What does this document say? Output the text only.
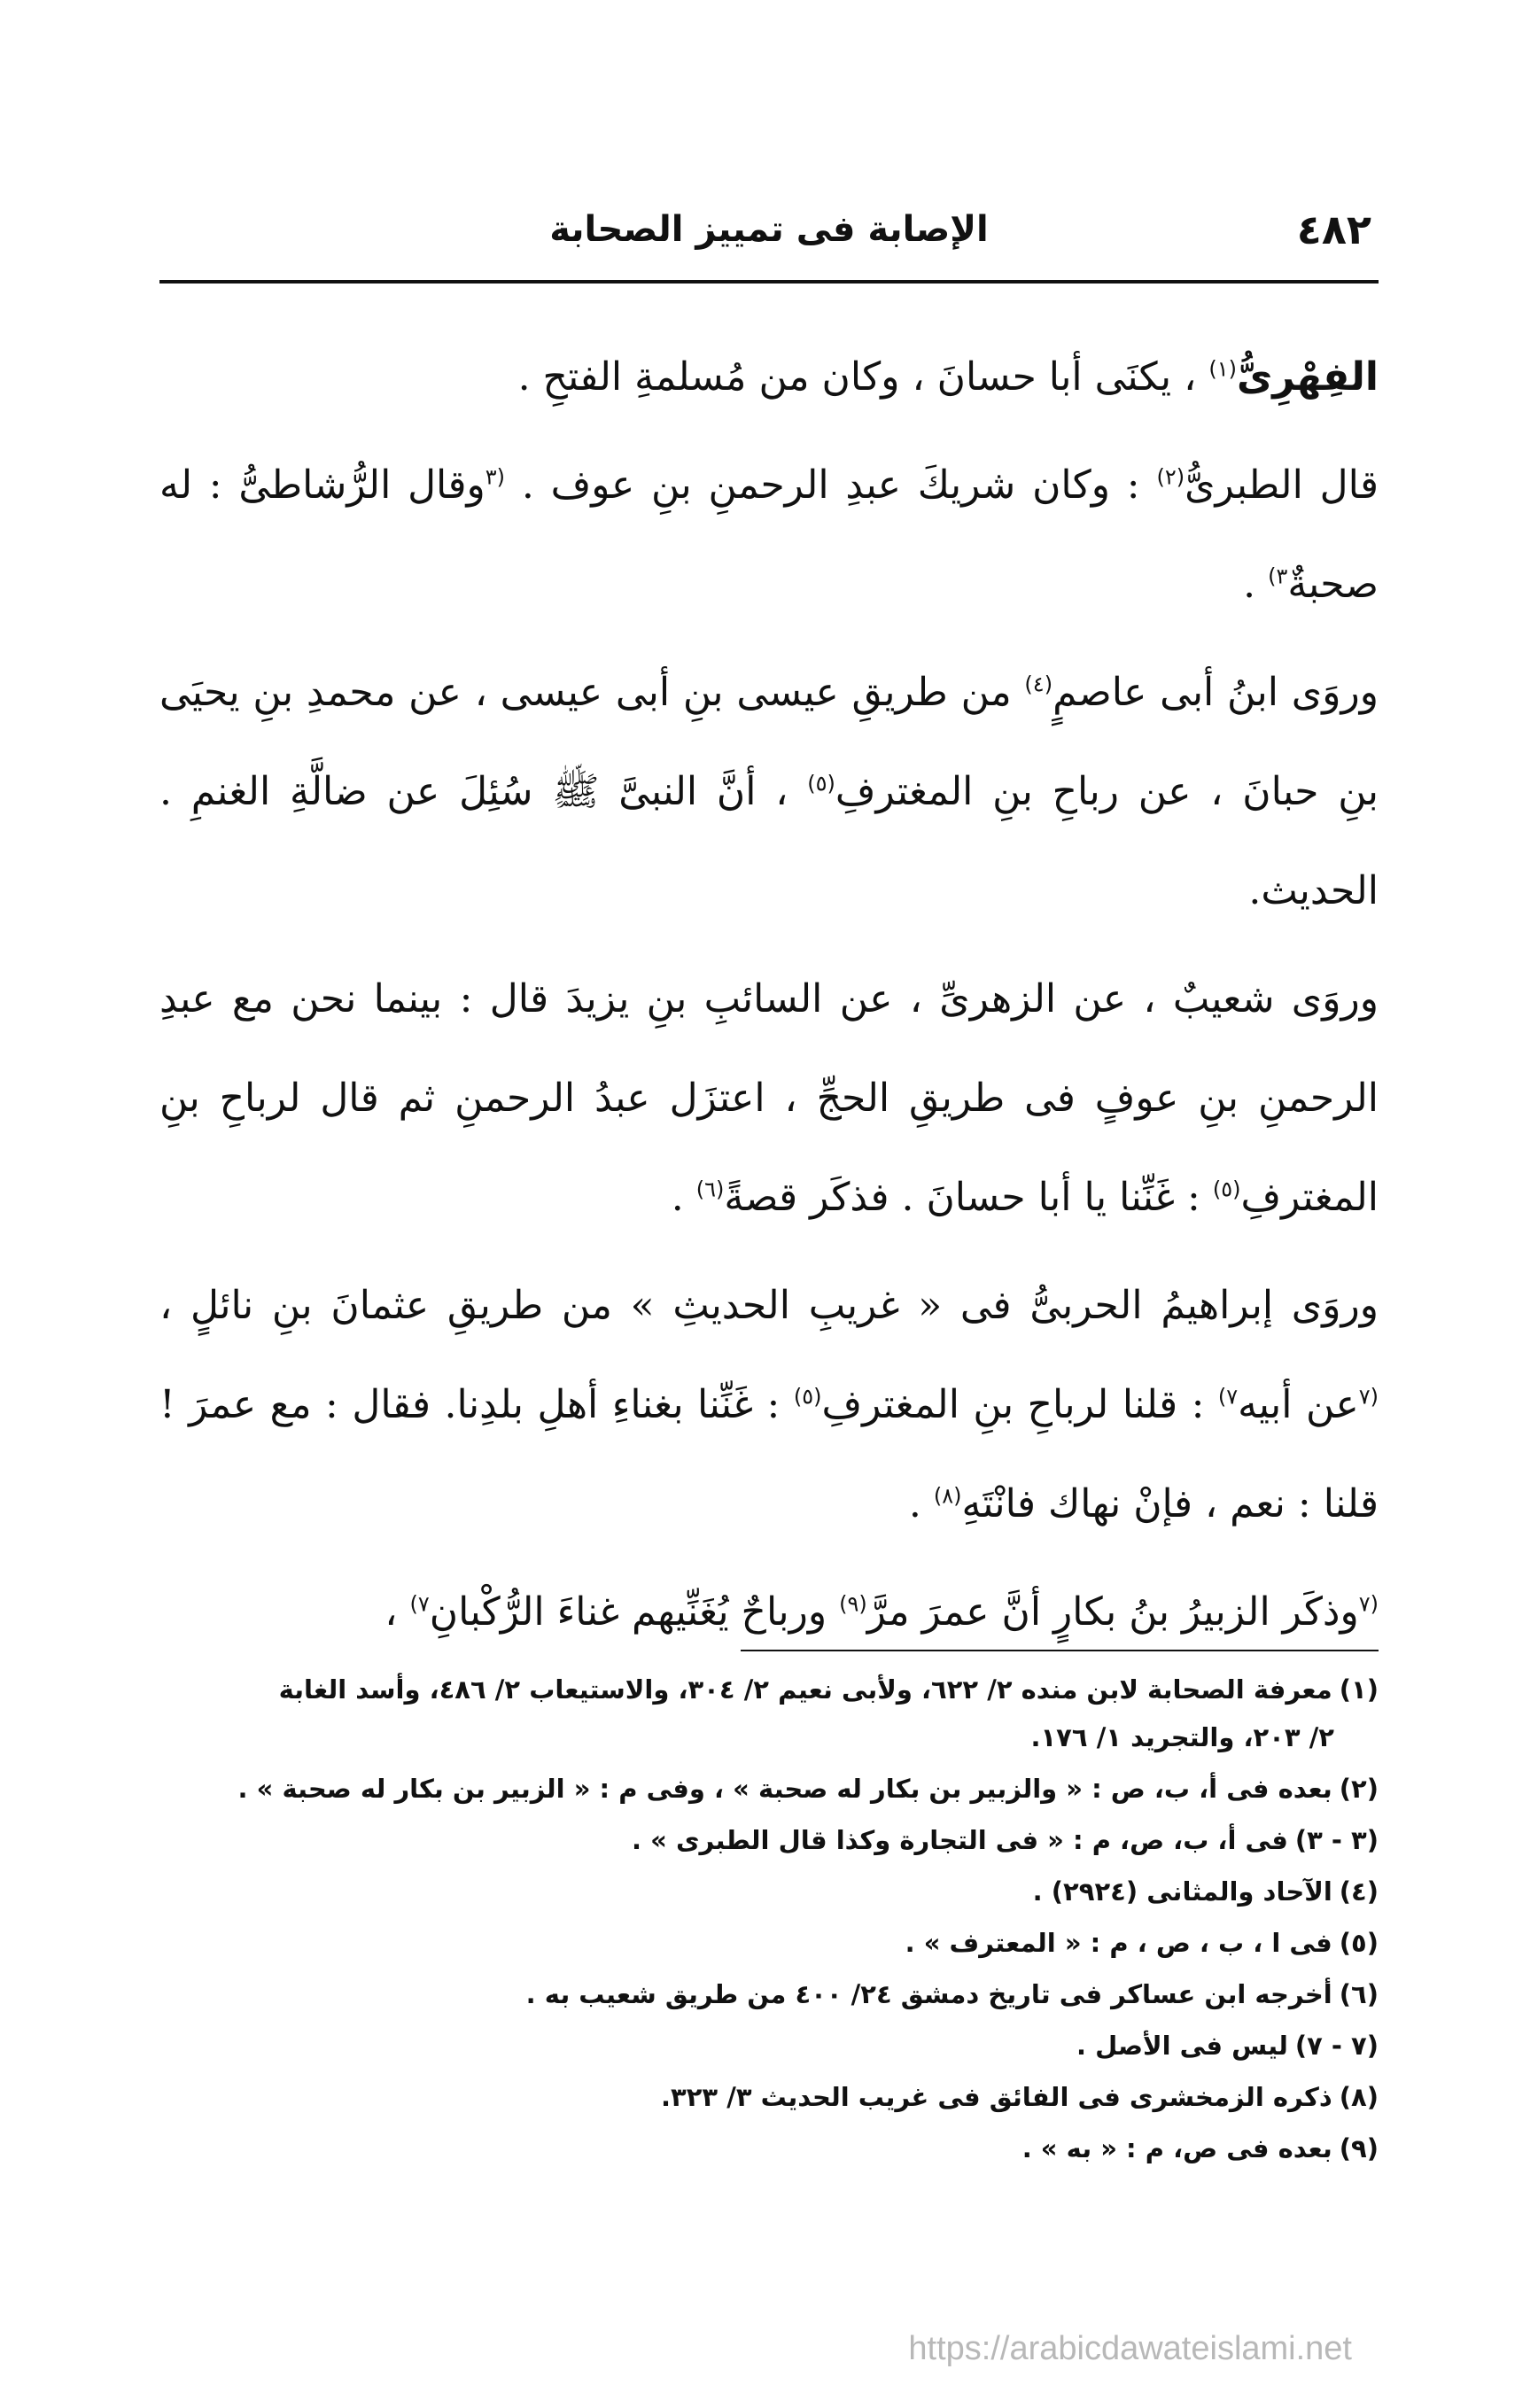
٤٨٢
الإصابة فى تمييز الصحابة

الفِهْرِىُّ$^{(١)}$ ، يكنَى أبا حسانَ ، وكان من مُسلمةِ الفتحِ .

قال الطبرىُّ$^{(٢)}$ : وكان شريكَ عبدِ الرحمنِ بنِ عوف . $^{(٣}$وقال الرُّشاطىُّ : له صحبةٌ$^{٣)}$ .

وروَى ابنُ أبى عاصمٍ$^{(٤)}$ من طريقِ عيسى بنِ أبى عيسى ، عن محمدِ بنِ يحيَى بنِ حبانَ ، عن رباحِ بنِ المغترفِ$^{(٥)}$ ، أنَّ النبىَّ ﷺ سُئِلَ عن ضالَّةِ الغنمِ . الحديث.

وروَى شعيبٌ ، عن الزهرىِّ ، عن السائبِ بنِ يزيدَ قال : بينما نحن مع عبدِ الرحمنِ بنِ عوفٍ فى طريقِ الحجِّ ، اعتزَل عبدُ الرحمنِ ثم قال لرباحِ بنِ المغترفِ$^{(٥)}$ : غَنِّنا يا أبا حسانَ . فذكَر قصةً$^{(٦)}$ .

وروَى إبراهيمُ الحربىُّ فى « غريبِ الحديثِ » من طريقِ عثمانَ بنِ نائلٍ ، $^{(٧}$عن أبيه$^{٧)}$ : قلنا لرباحِ بنِ المغترفِ$^{(٥)}$ : غَنِّنا بغناءِ أهلِ بلدِنا. فقال : مع عمرَ ! قلنا : نعم ، فإنْ نهاك فانْتَهِ$^{(٨)}$ .

$^{(٧}$وذكَر الزبيرُ بنُ بكارٍ أنَّ عمرَ مرَّ$^{(٩)}$ ورباحٌ يُغَنِّيهم غناءَ الرُّكْبانِ$^{٧)}$ ،

(١)معرفة الصحابة لابن منده ٢/ ٦٢٢، ولأبى نعيم ٢/ ٣٠٤، والاستيعاب ٢/ ٤٨٦، وأسد الغابة
٢/ ٢٠٣، والتجريد ١/ ١٧٦.

(٢)بعده فى أ، ب، ص : « والزبير بن بكار له صحبة » ، وفى م : « الزبير بن بكار له صحبة » .

(٣ - ٣)فى أ، ب، ص، م : « فى التجارة وكذا قال الطبرى » .

(٤)الآحاد والمثانى (٢٩٢٤) .

(٥)فى ا ، ب ، ص ، م : « المعترف » .

(٦)أخرجه ابن عساكر فى تاريخ دمشق ٢٤/ ٤٠٠ من طريق شعيب به .

(٧ - ٧)ليس فى الأصل .

(٨)ذكره الزمخشرى فى الفائق فى غريب الحديث ٣/ ٣٢٣.

(٩)بعده فى ص، م : « به » .

https://arabicdawateislami.net
